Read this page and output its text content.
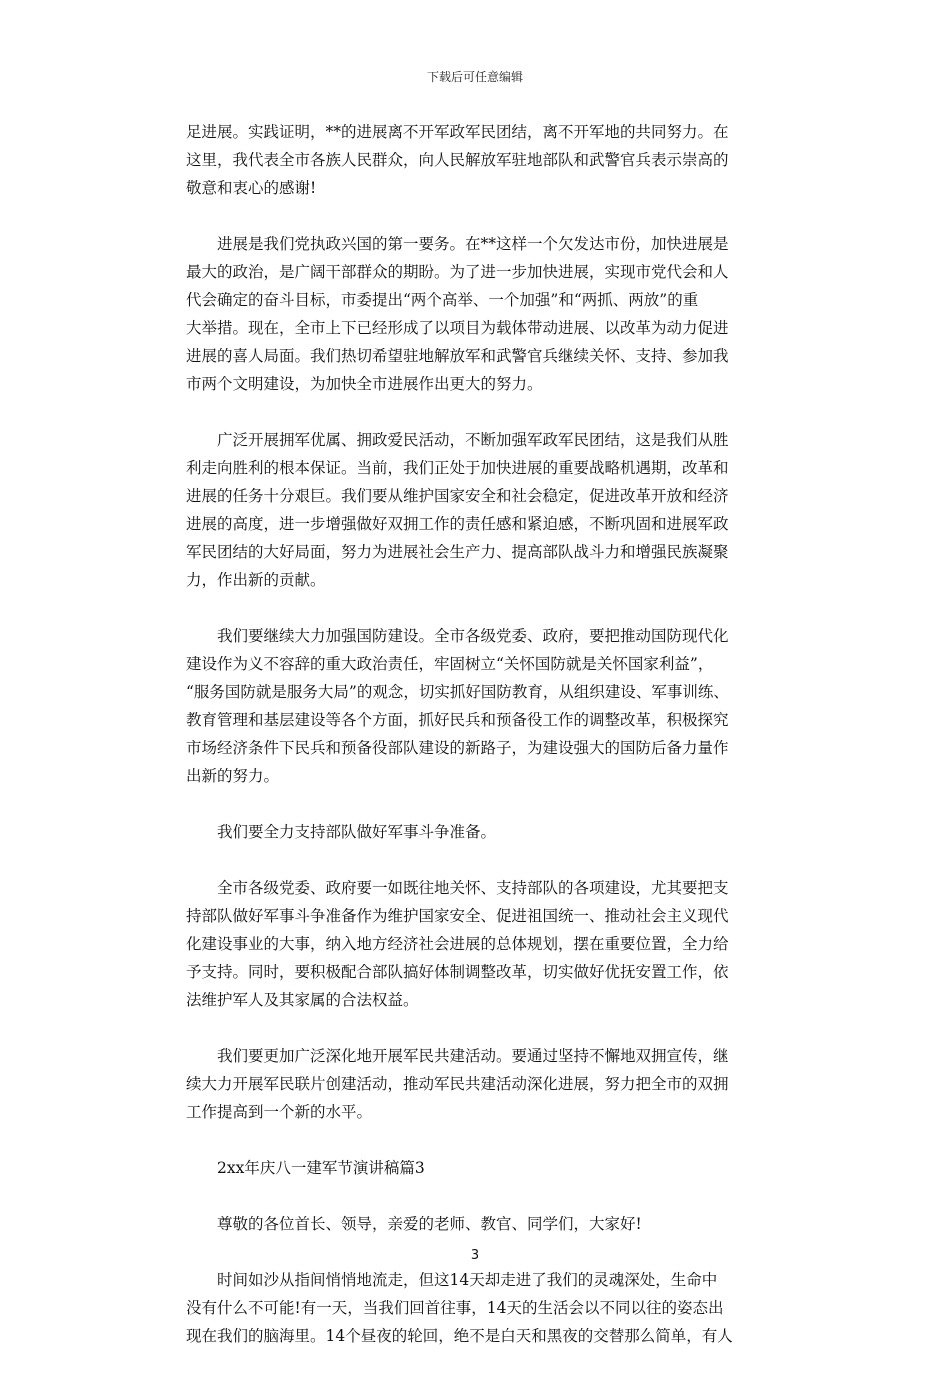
下载后可任意编辑
足进展。实践证明，**的进展离不开军政军民团结，离不开军地的共同努力。在
这里，我代表全市各族人民群众，向人民解放军驻地部队和武警官兵表示崇高的
敬意和衷心的感谢!
进展是我们党执政兴国的第一要务。在**这样一个欠发达市份，加快进展是
最大的政治，是广阔干部群众的期盼。为了进一步加快进展，实现市党代会和人
代会确定的奋斗目标，市委提出“两个高举、一个加强”和“两抓、两放”的重
大举措。现在，全市上下已经形成了以项目为载体带动进展、以改革为动力促进
进展的喜人局面。我们热切希望驻地解放军和武警官兵继续关怀、支持、参加我
市两个文明建设，为加快全市进展作出更大的努力。
广泛开展拥军优属、拥政爱民活动，不断加强军政军民团结，这是我们从胜
利走向胜利的根本保证。当前，我们正处于加快进展的重要战略机遇期，改革和
进展的任务十分艰巨。我们要从维护国家安全和社会稳定，促进改革开放和经济
进展的高度，进一步增强做好双拥工作的责任感和紧迫感，不断巩固和进展军政
军民团结的大好局面，努力为进展社会生产力、提高部队战斗力和增强民族凝聚
力，作出新的贡献。
我们要继续大力加强国防建设。全市各级党委、政府，要把推动国防现代化
建设作为义不容辞的重大政治责任，牢固树立“关怀国防就是关怀国家利益”，
“服务国防就是服务大局”的观念，切实抓好国防教育，从组织建设、军事训练、
教育管理和基层建设等各个方面，抓好民兵和预备役工作的调整改革，积极探究
市场经济条件下民兵和预备役部队建设的新路子，为建设强大的国防后备力量作
出新的努力。
我们要全力支持部队做好军事斗争准备。
全市各级党委、政府要一如既往地关怀、支持部队的各项建设，尤其要把支
持部队做好军事斗争准备作为维护国家安全、促进祖国统一、推动社会主义现代
化建设事业的大事，纳入地方经济社会进展的总体规划，摆在重要位置，全力给
予支持。同时，要积极配合部队搞好体制调整改革，切实做好优抚安置工作，依
法维护军人及其家属的合法权益。
我们要更加广泛深化地开展军民共建活动。要通过坚持不懈地双拥宣传，继
续大力开展军民联片创建活动，推动军民共建活动深化进展，努力把全市的双拥
工作提高到一个新的水平。
2xx年庆八一建军节演讲稿篇3
尊敬的各位首长、领导，亲爱的老师、教官、同学们，大家好!
时间如沙从指间悄悄地流走，但这14天却走进了我们的灵魂深处，生命中
没有什么不可能!有一天，当我们回首往事，14天的生活会以不同以往的姿态出
现在我们的脑海里。14个昼夜的轮回，绝不是白天和黑夜的交替那么简单，有人
3
